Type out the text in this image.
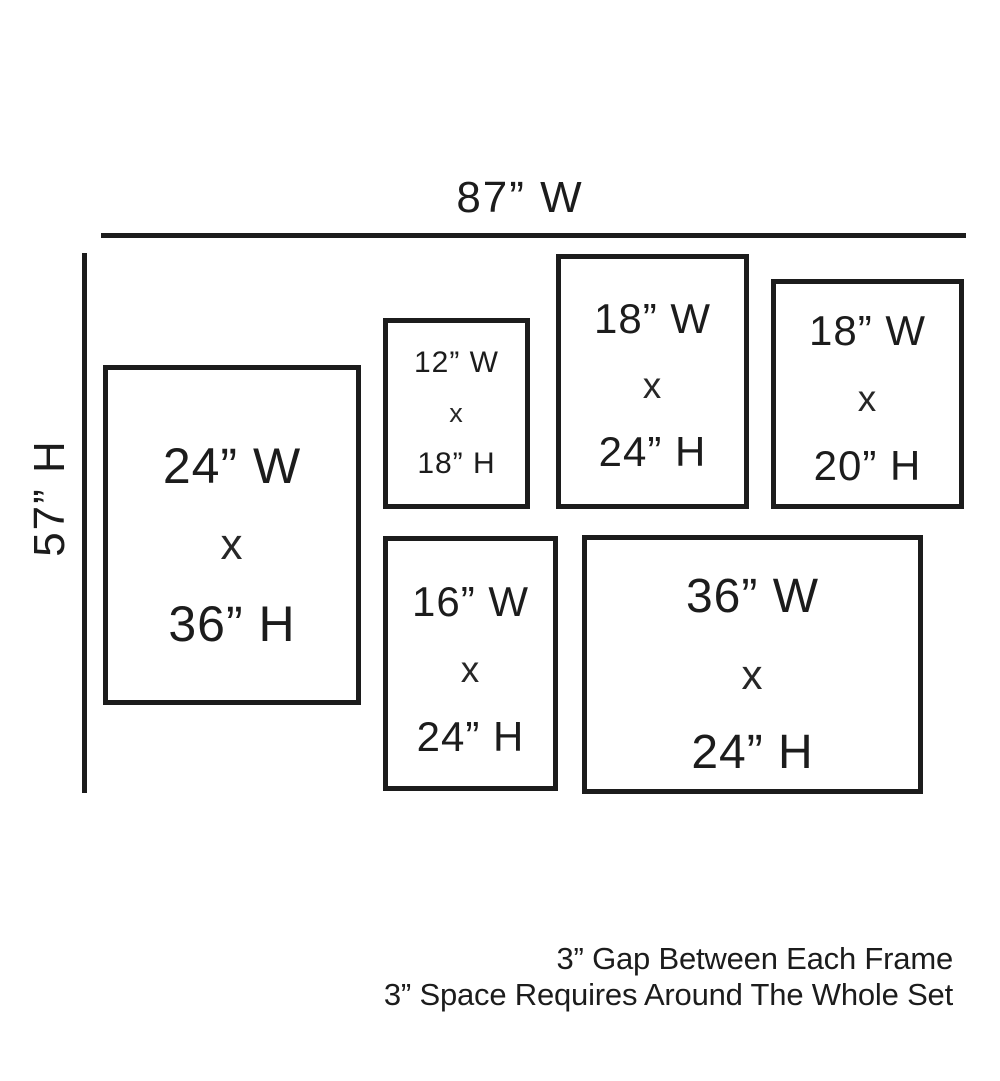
87” W
57” H 24” W
x
36” H
12” W
x
18” H
18” W
x
24” H
18” W
x
20” H
16” W
x
24” H
36” W
x
24” H
3” Gap Between Each Frame
3” Space Requires Around The Whole Set
